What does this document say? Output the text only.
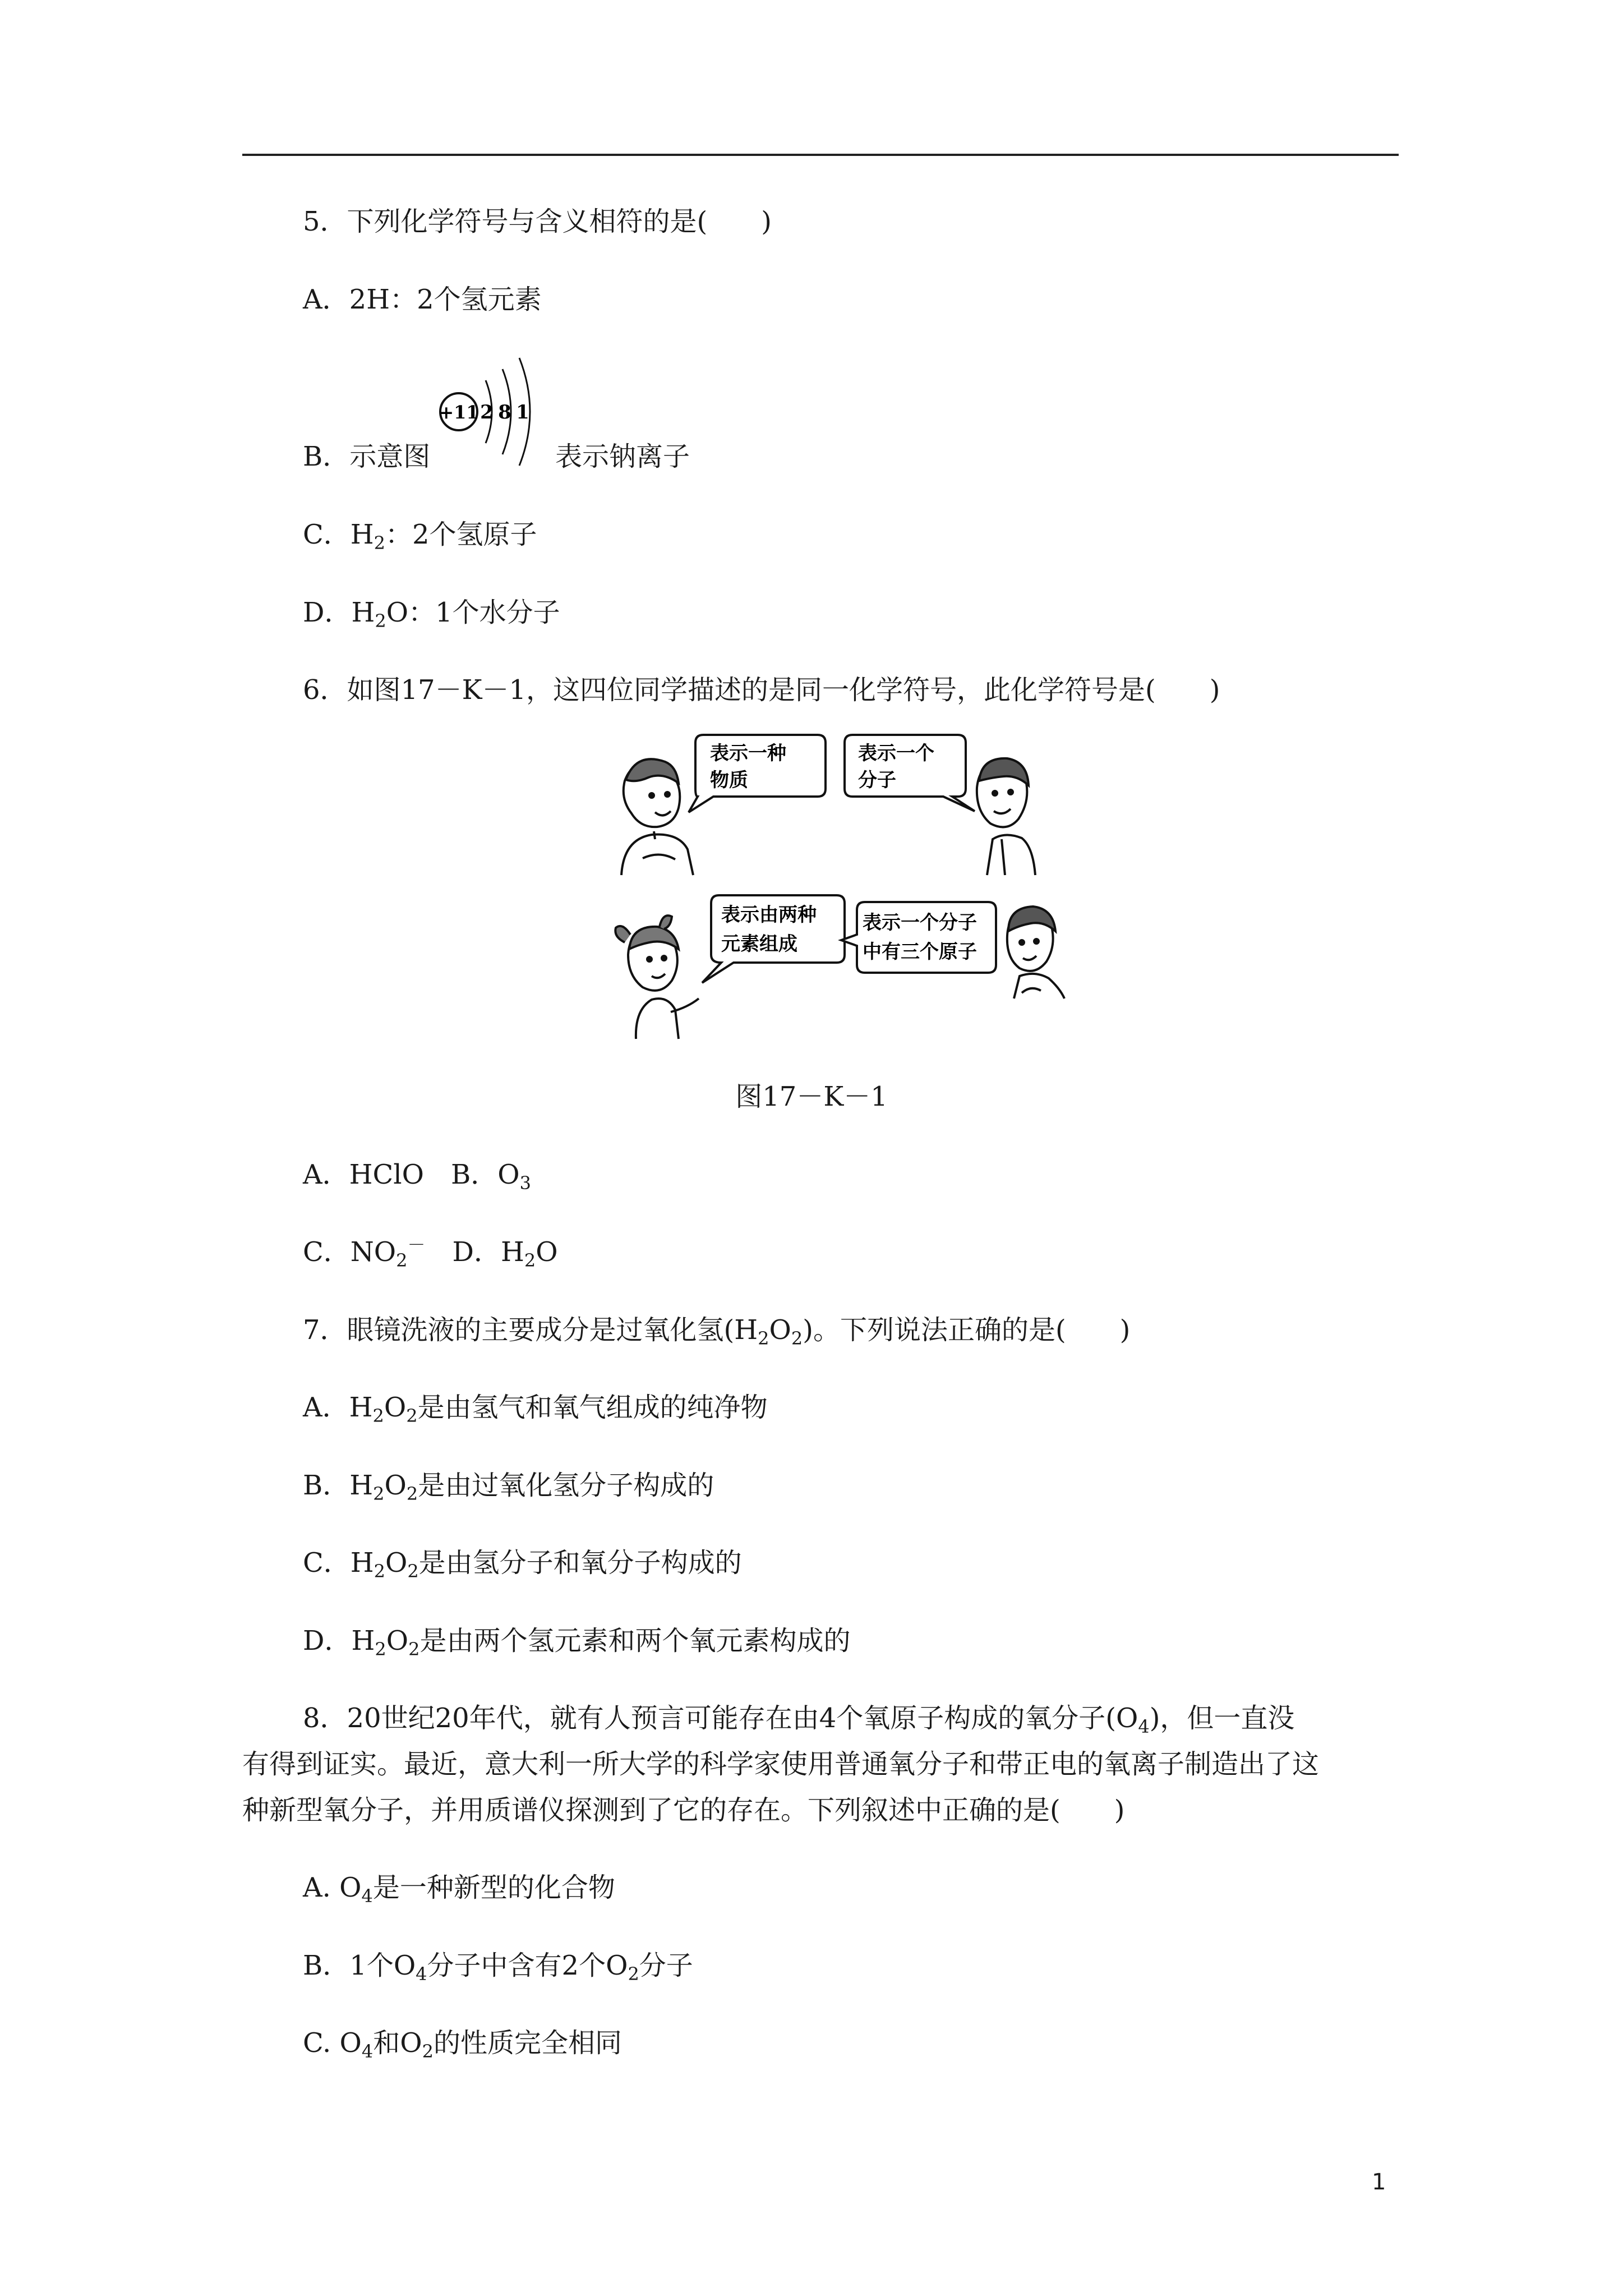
5．下列化学符号与含义相符的是(　　)
A．2H：2个氢元素
+11 2 8 1
B．示意图	表示钠离子
C．$H_2$：2个氢原子
D．$H_2O$：1个水分子
6．如图17－K－1，这四位同学描述的是同一化学符号，此化学符号是(　　)
表示一种
物质
表示一个
分子
表示由两种
元素组成
表示一个分子
中有三个原子
图17－K－1
A．HClO　B．$O_3$
C．$NO_2^-$　D．$H_2O$
7．眼镜洗液的主要成分是过氧化氢$(H_2O_2)$。下列说法正确的是(　　)
A．$H_2O_2$是由氢气和氧气组成的纯净物
B．$H_2O_2$是由过氧化氢分子构成的
C．$H_2O_2$是由氢分子和氧分子构成的
D．$H_2O_2$是由两个氢元素和两个氧元素构成的
8．20世纪20年代，就有人预言可能存在由4个氧原子构成的氧分子$(O_4)$，但一直没
有得到证实。最近，意大利一所大学的科学家使用普通氧分子和带正电的氧离子制造出了这
种新型氧分子，并用质谱仪探测到了它的存在。下列叙述中正确的是(　　)
A. $O_4$是一种新型的化合物
B．1个$O_4$分子中含有2个$O_2$分子
C. $O_4$和$O_2$的性质完全相同
1
